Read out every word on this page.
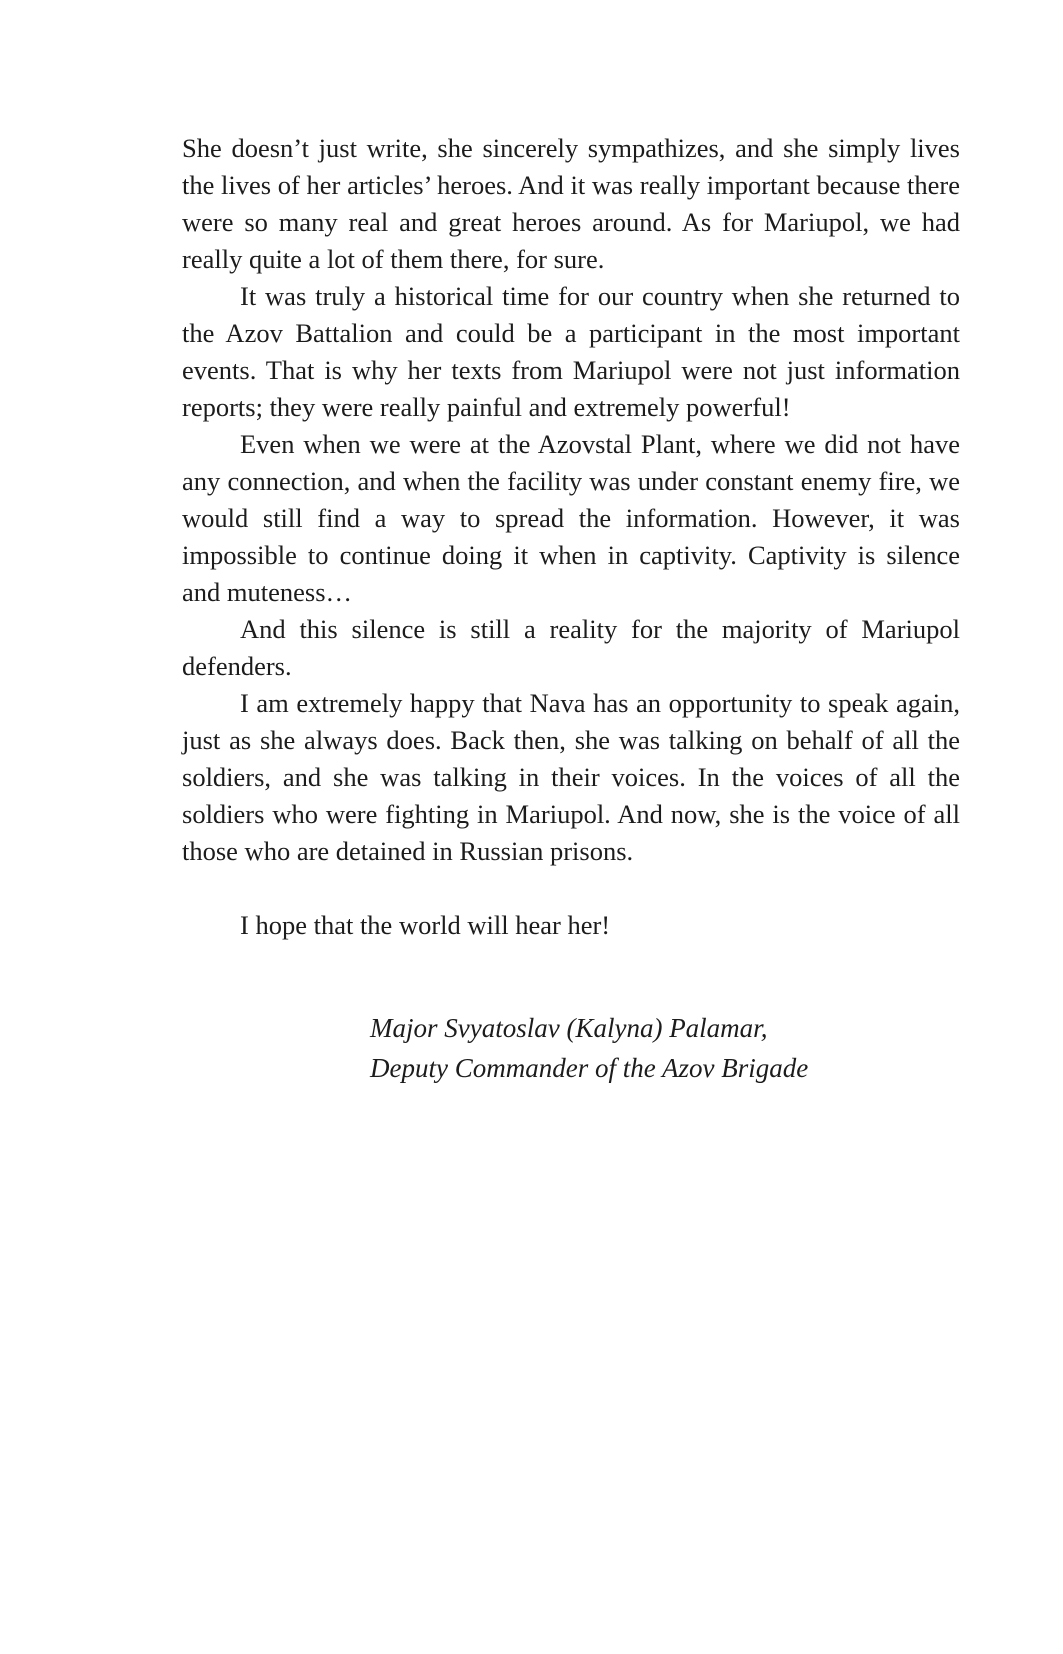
She doesn’t just write, she sincerely sympathizes, and she simply lives the lives of her articles’ heroes. And it was really important because there were so many real and great heroes around. As for Mariupol, we had really quite a lot of them there, for sure.

It was truly a historical time for our country when she returned to the Azov Battalion and could be a participant in the most important events. That is why her texts from Mariupol were not just information reports; they were really painful and extremely powerful!

Even when we were at the Azovstal Plant, where we did not have any connection, and when the facility was under constant enemy fire, we would still find a way to spread the information. However, it was impossible to continue doing it when in captivity. Captivity is silence and muteness…

And this silence is still a reality for the majority of Mariupol defenders.

I am extremely happy that Nava has an opportunity to speak again, just as she always does. Back then, she was talking on behalf of all the soldiers, and she was talking in their voices. In the voices of all the soldiers who were fighting in Mariupol. And now, she is the voice of all those who are detained in Russian prisons.

I hope that the world will hear her!

Major Svyatoslav (Kalyna) Palamar,

Deputy Commander of the Azov Brigade
